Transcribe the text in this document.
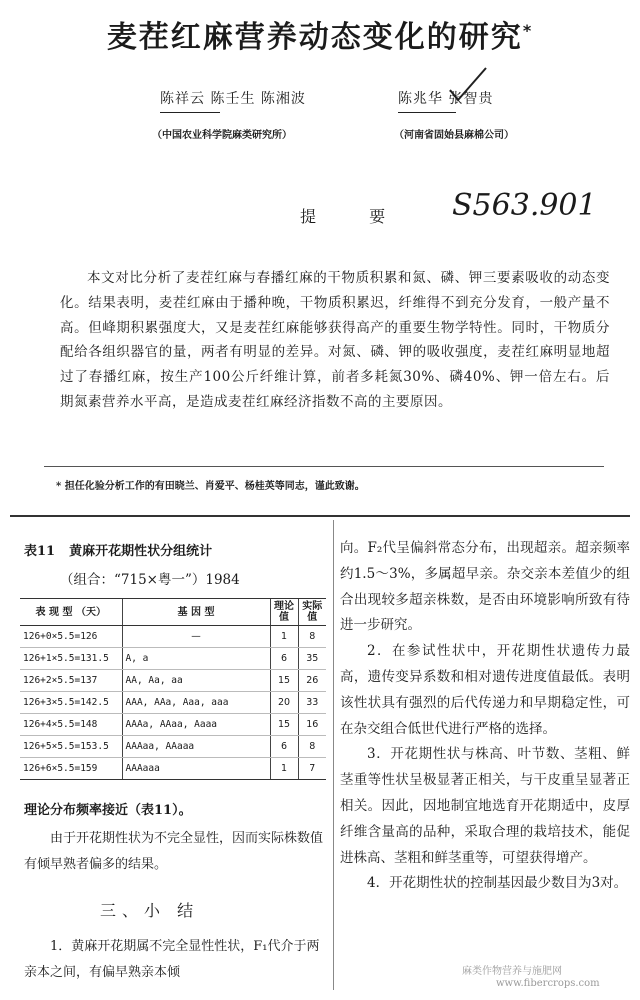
麦茬红麻营养动态变化的研究*
陈祥云 陈壬生 陈湘波	陈兆华 张智贵
（中国农业科学院麻类研究所）	（河南省固始县麻棉公司）
提 要 S563.901
本文对比分析了麦茬红麻与春播红麻的干物质积累和氮、磷、钾三要素吸收的动态变化。结果表明，麦茬红麻由于播种晚，干物质积累迟，纤维得不到充分发育，一般产量不高。但峰期积累强度大，又是麦茬红麻能够获得高产的重要生物学特性。同时，干物质分配给各组织器官的量，两者有明显的差异。对氮、磷、钾的吸收强度，麦茬红麻明显地超过了春播红麻，按生产100公斤纤维计算，前者多耗氮30%、磷40%、钾一倍左右。后期氮素营养水平高，是造成麦茬红麻经济指数不高的主要原因。
* 担任化验分析工作的有田晓兰、肖爱平、杨桂英等同志，谨此致谢。
表11 黄麻开花期性状分组统计
（组合：“715×粤一”）1984
表 现 型 （天）	基 因 型	理论值	实际值
126+0×5.5=126	—	1	8
126+1×5.5=131.5	A, a	6	35
126+2×5.5=137	AA, Aa, aa	15	26
126+3×5.5=142.5	AAA, AAa, Aaa, aaa	20	33
126+4×5.5=148	AAAa, AAaa, Aaaa	15	16
126+5×5.5=153.5	AAAaa, AAaaa	6	8
126+6×5.5=159	AAAaaa	1	7
理论分布频率接近（表11）。
由于开花期性状为不完全显性，因而实际株数值有倾早熟者偏多的结果。
三、小 结
1．黄麻开花期属不完全显性性状，F₁代介于两亲本之间，有偏早熟亲本倾

向。F₂代呈偏斜常态分布，出现超亲。超亲频率约1.5～3%，多属超早亲。杂交亲本差值少的组合出现较多超亲株数，是否由环境影响所致有待进一步研究。

2．在参试性状中，开花期性状遗传力最高，遗传变异系数和相对遗传进度值最低。表明该性状具有强烈的后代传递力和早期稳定性，可在杂交组合低世代进行严格的选择。

3．开花期性状与株高、叶节数、茎粗、鲜茎重等性状呈极显著正相关，与干皮重呈显著正相关。因此，因地制宜地选育开花期适中，皮厚纤维含量高的品种，采取合理的栽培技术，能促进株高、茎粗和鲜茎重等，可望获得增产。

4．开花期性状的控制基因最少数目为3对。

麻类作物营养与施肥网
www.fibercrops.com
